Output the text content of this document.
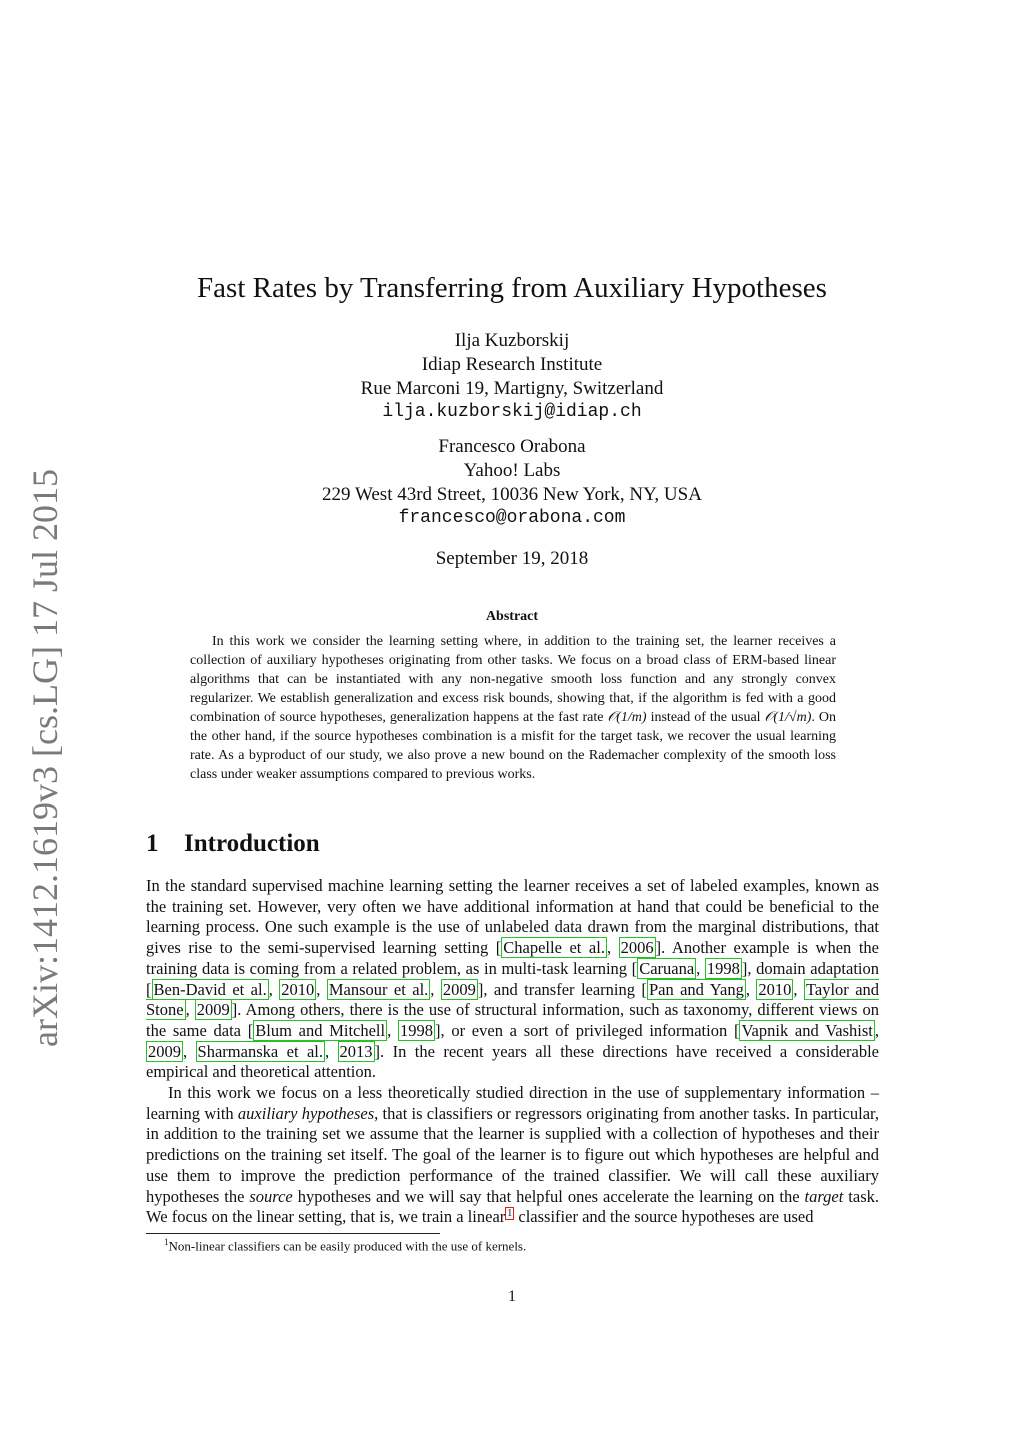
arXiv:1412.1619v3 [cs.LG] 17 Jul 2015
Fast Rates by Transferring from Auxiliary Hypotheses
Ilja Kuzborskij
Idiap Research Institute
Rue Marconi 19, Martigny, Switzerland
ilja.kuzborskij@idiap.ch
Francesco Orabona
Yahoo! Labs
229 West 43rd Street, 10036 New York, NY, USA
francesco@orabona.com
September 19, 2018
Abstract

In this work we consider the learning setting where, in addition to the training set, the learner receives a collection of auxiliary hypotheses originating from other tasks. We focus on a broad class of ERM-based linear algorithms that can be instantiated with any non-negative smooth loss function and any strongly convex regularizer. We establish generalization and excess risk bounds, showing that, if the algorithm is fed with a good combination of source hypotheses, generalization happens at the fast rate 𝒪(1/m) instead of the usual 𝒪(1/√m). On the other hand, if the source hypotheses combination is a misfit for the target task, we recover the usual learning rate. As a byproduct of our study, we also prove a new bound on the Rademacher complexity of the smooth loss class under weaker assumptions compared to previous works.

1 Introduction

In the standard supervised machine learning setting the learner receives a set of labeled examples, known as the training set. However, very often we have additional information at hand that could be beneficial to the learning process. One such example is the use of unlabeled data drawn from the marginal distributions, that gives rise to the semi-supervised learning setting [ Chapelle et al. , 2006 ]. Another example is when the training data is coming from a related problem, as in multi-task learning [ Caruana , 1998 ], domain adaptation [ Ben-David et al. , 2010 , Mansour et al. , 2009 ], and transfer learning [ Pan and Yang , 2010 , Taylor and Stone , 2009 ]. Among others, there is the use of structural information, such as taxonomy, different views on the same data [ Blum and Mitchell , 1998 ], or even a sort of privileged information [ Vapnik and Vashist , 2009 , Sharmanska et al. , 2013 ]. In the recent years all these directions have received a considerable empirical and theoretical attention.

In this work we focus on a less theoretically studied direction in the use of supplementary information – learning with auxiliary hypotheses, that is classifiers or regressors originating from another tasks. In particular, in addition to the training set we assume that the learner is supplied with a collection of hypotheses and their predictions on the training set itself. The goal of the learner is to figure out which hypotheses are helpful and use them to improve the prediction performance of the trained classifier. We will call these auxiliary hypotheses the source hypotheses and we will say that helpful ones accelerate the learning on the target task. We focus on the linear setting, that is, we train a linear $^1$ classifier and the source hypotheses are used

$^1$Non-linear classifiers can be easily produced with the use of kernels.
1
